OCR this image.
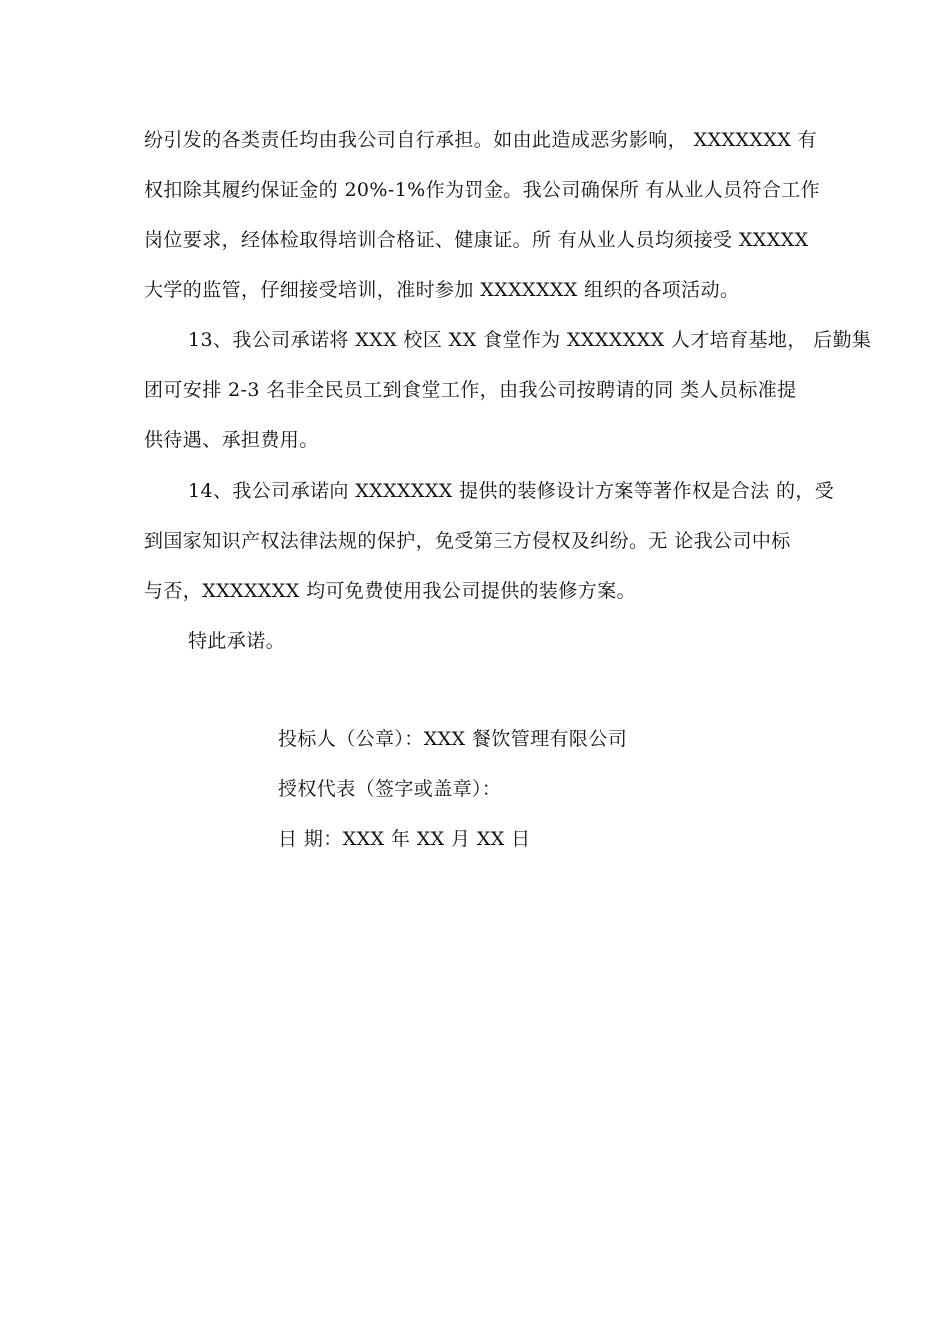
纷引发的各类责任均由我公司自行承担。如由此造成恶劣影响， XXXXXXX 有
权扣除其履约保证金的 20%-1%作为罚金。我公司确保所 有从业人员符合工作
岗位要求，经体检取得培训合格证、健康证。所 有从业人员均须接受 XXXXX
大学的监管，仔细接受培训，准时参加 XXXXXXX 组织的各项活动。
13、我公司承诺将 XXX 校区 XX 食堂作为 XXXXXXX 人才培育基地， 后勤集
团可安排 2-3 名非全民员工到食堂工作，由我公司按聘请的同 类人员标准提
供待遇、承担费用。
14、我公司承诺向 XXXXXXX 提供的装修设计方案等著作权是合法 的，受
到国家知识产权法律法规的保护，免受第三方侵权及纠纷。无 论我公司中标
与否，XXXXXXX 均可免费使用我公司提供的装修方案。
特此承诺。
投标人（公章）：XXX 餐饮管理有限公司
授权代表（签字或盖章）：
日 期：XXX 年 XX 月 XX 日
